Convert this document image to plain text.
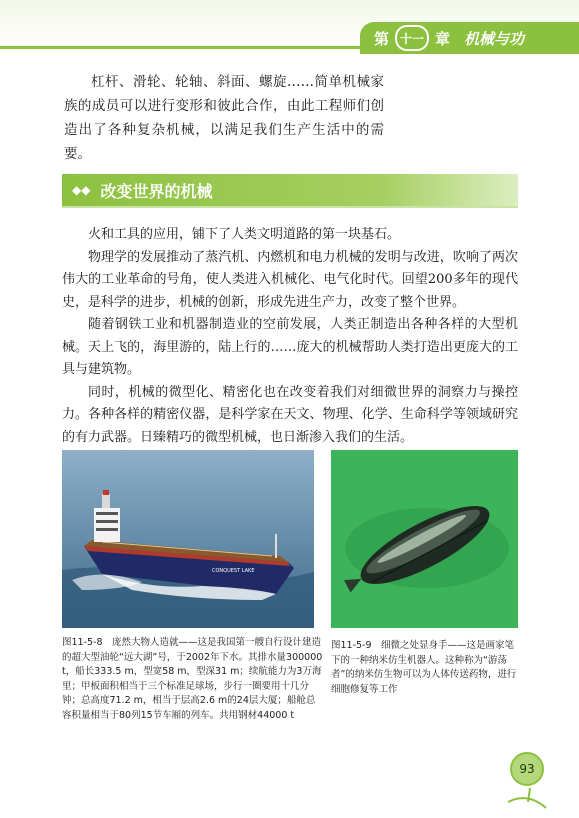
第 十一 章 机械与功

杠杆、滑轮、轮轴、斜面、螺旋……简单机械家族的成员可以进行变形和彼此合作，由此工程师们创造出了各种复杂机械，以满足我们生产生活中的需要。

◆◆ 改变世界的机械

火和工具的应用，铺下了人类文明道路的第一块基石。

物理学的发展推动了蒸汽机、内燃机和电力机械的发明与改进，吹响了两次伟大的工业革命的号角，使人类进入机械化、电气化时代。回望200多年的现代史，是科学的进步，机械的创新，形成先进生产力，改变了整个世界。

随着钢铁工业和机器制造业的空前发展，人类正制造出各种各样的大型机械。天上飞的，海里游的，陆上行的……庞大的机械帮助人类打造出更庞大的工具与建筑物。

同时，机械的微型化、精密化也在改变着我们对细微世界的洞察力与操控力。各种各样的精密仪器，是科学家在天文、物理、化学、生命科学等领域研究的有力武器。日臻精巧的微型机械，也日渐渗入我们的生活。

CONQUEST LAKE
图11-5-8　庞然大物人造就——这是我国第一艘自行设计建造的超大型油轮“远大湖”号，于2002年下水。其排水量300000 t，船长333.5 m，型宽58 m，型深31 m；续航能力为3万海里；甲板面积相当于三个标准足球场，步行一圈要用十几分钟；总高度71.2 m，相当于层高2.6 m的24层大厦；船舱总容积量相当于80列15节车厢的列车。共用钢材44000 t
图11-5-9　细微之处显身手——这是画家笔下的一种纳米仿生机器人。这种称为“游荡者”的纳米仿生物可以为人体传送药物，进行细胞修复等工作
93
